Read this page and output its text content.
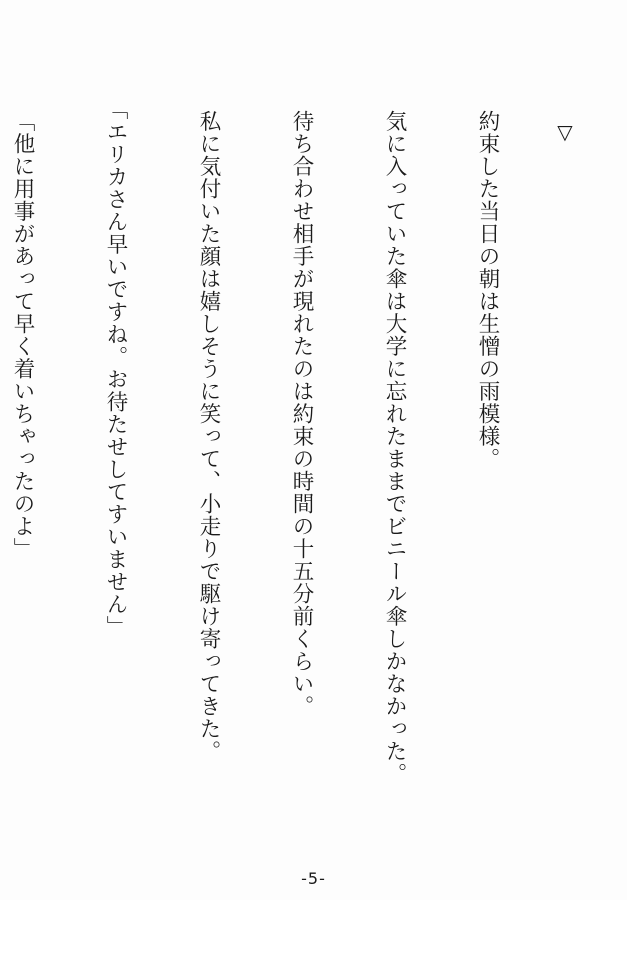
▽

約束した当日の朝は生憎の雨模様。

気に入っていた傘は大学に忘れたままでビニール傘しかなかった。

待ち合わせ相手が現れたのは約束の時間の十五分前くらい。

私に気付いた顔は嬉しそうに笑って、小走りで駆け寄ってきた。

「エリカさん早いですね。お待たせしてすいません」

「他に用事があって早く着いちゃったのよ」

-5-
